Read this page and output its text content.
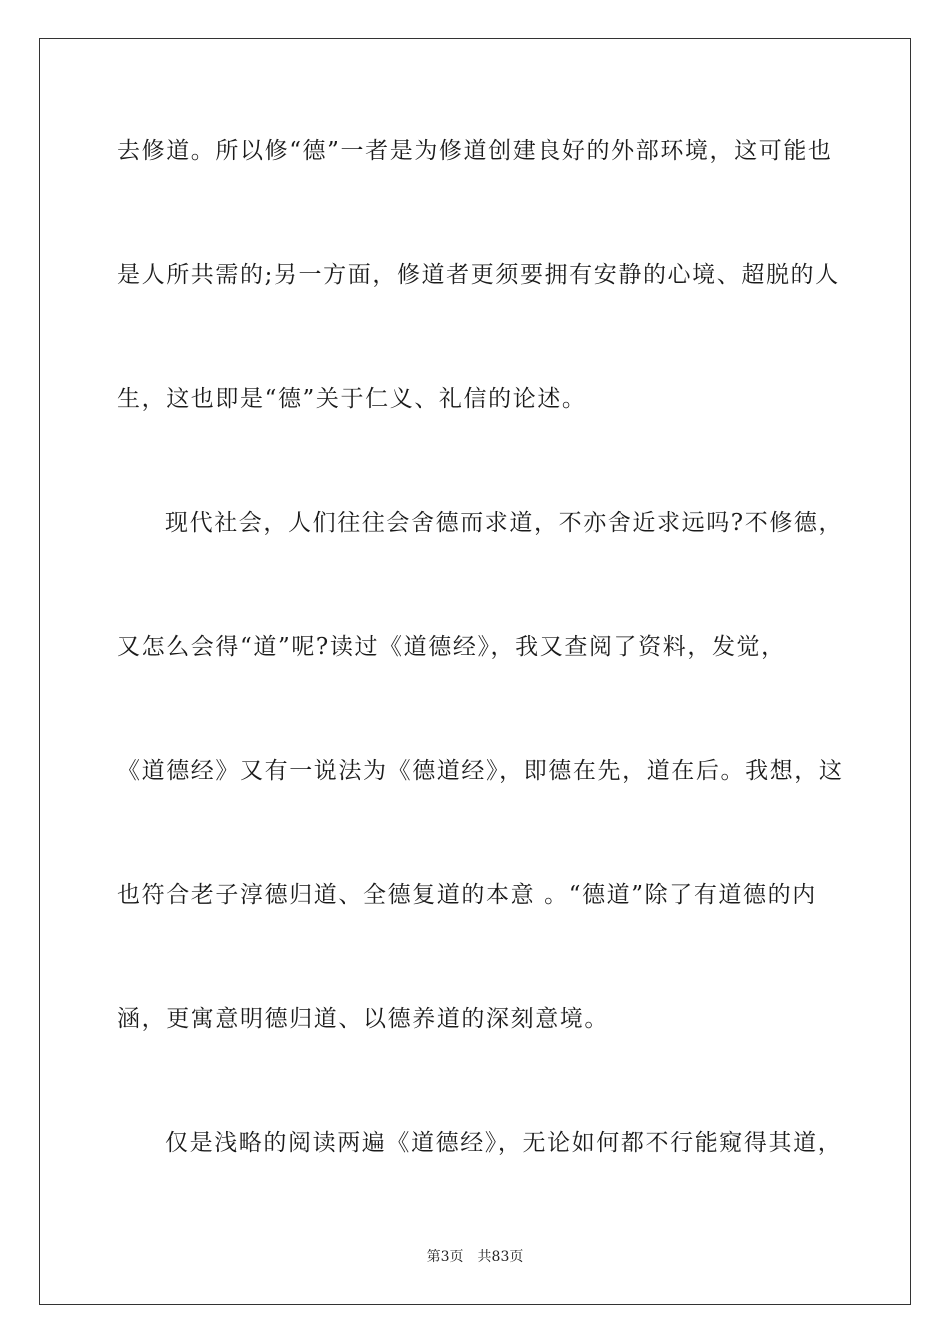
去修道。所以修“德”一者是为修道创建良好的外部环境，这可能也
是人所共需的;另一方面，修道者更须要拥有安静的心境、超脱的人
生，这也即是“德”关于仁义、礼信的论述。
现代社会，人们往往会舍德而求道，不亦舍近求远吗?不修德，
又怎么会得“道”呢?读过《道德经》，我又查阅了资料，发觉，
《道德经》又有一说法为《德道经》，即德在先，道在后。我想，这
也符合老子淳德归道、全德复道的本意 。“德道”除了有道德的内
涵，更寓意明德归道、以德养道的深刻意境。
仅是浅略的阅读两遍《道德经》，无论如何都不行能窥得其道，
第3页 共83页
